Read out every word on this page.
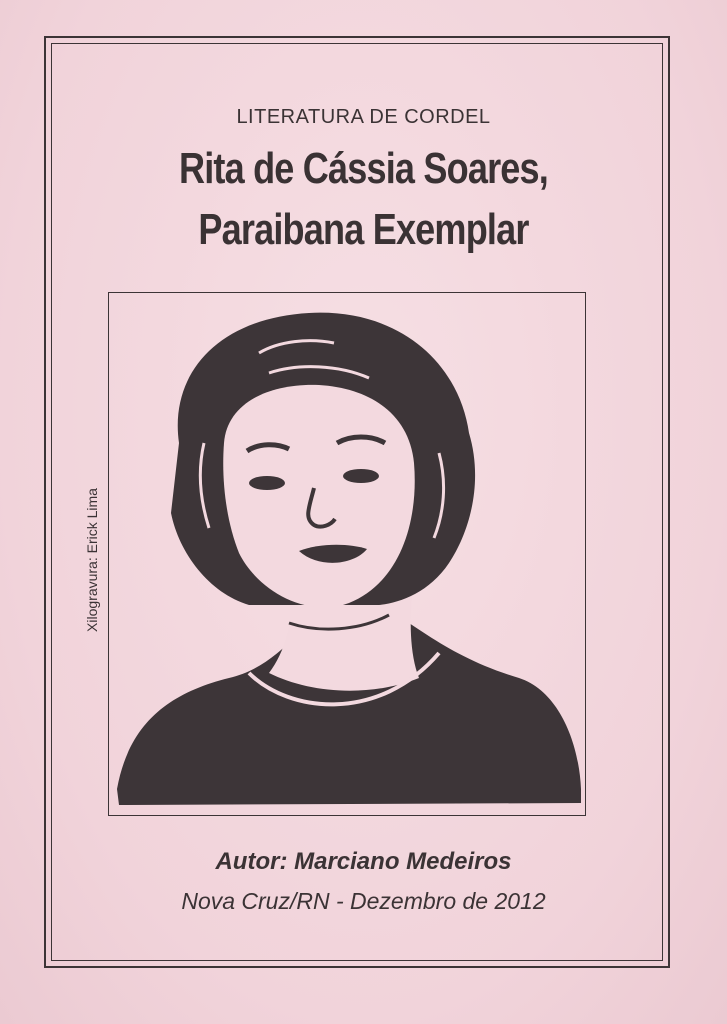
LITERATURA DE CORDEL
Rita de Cássia Soares,
Paraibana Exemplar
Xilogravura: Erick Lima
Autor: Marciano Medeiros
Nova Cruz/RN - Dezembro de 2012
